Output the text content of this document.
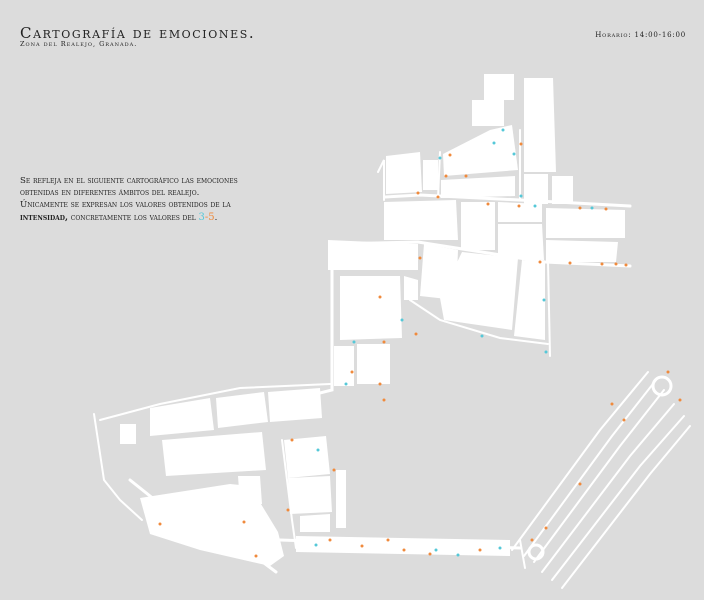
Cartografía de emociones.
Zona del Realejo, Granada.
Horario: 14:00-16:00
Se refleja en el siguiente cartográfico las emociones
obtenidas en diferentes ámbitos del realejo.
Únicamente se expresan los valores obtenidos de la
intensidad, concretamente los valores del 3-5.
